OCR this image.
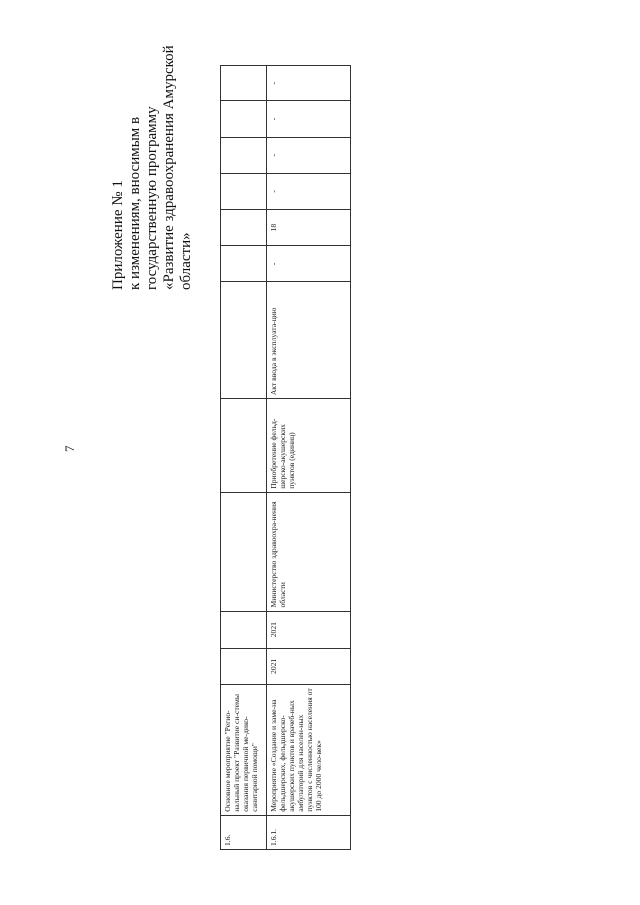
7
Приложение № 1 к изменениям, вносимым в государственную программу «Развитие здравоохранения Амурской области»
1.6.	Основное мероприятие "Регио-нальный проект "Развитие си-стемы оказания первичной ме-дико-санитарной помощи"											
1.6.1.	Мероприятие «Создание и заме-на фельдшерских, фельдшерско-акушерских пунктов и врачеб-ных амбулаторий для населен-ных пунктов с численностью населения от 100 до 2000 чело-век»	2021	2021	Министерство здравоохра-нения области	Приобретение фельд-шерско-акушерских пунктов (единиц)	Акт ввода в эксплуата-цию	-	18	-	-	-	-
